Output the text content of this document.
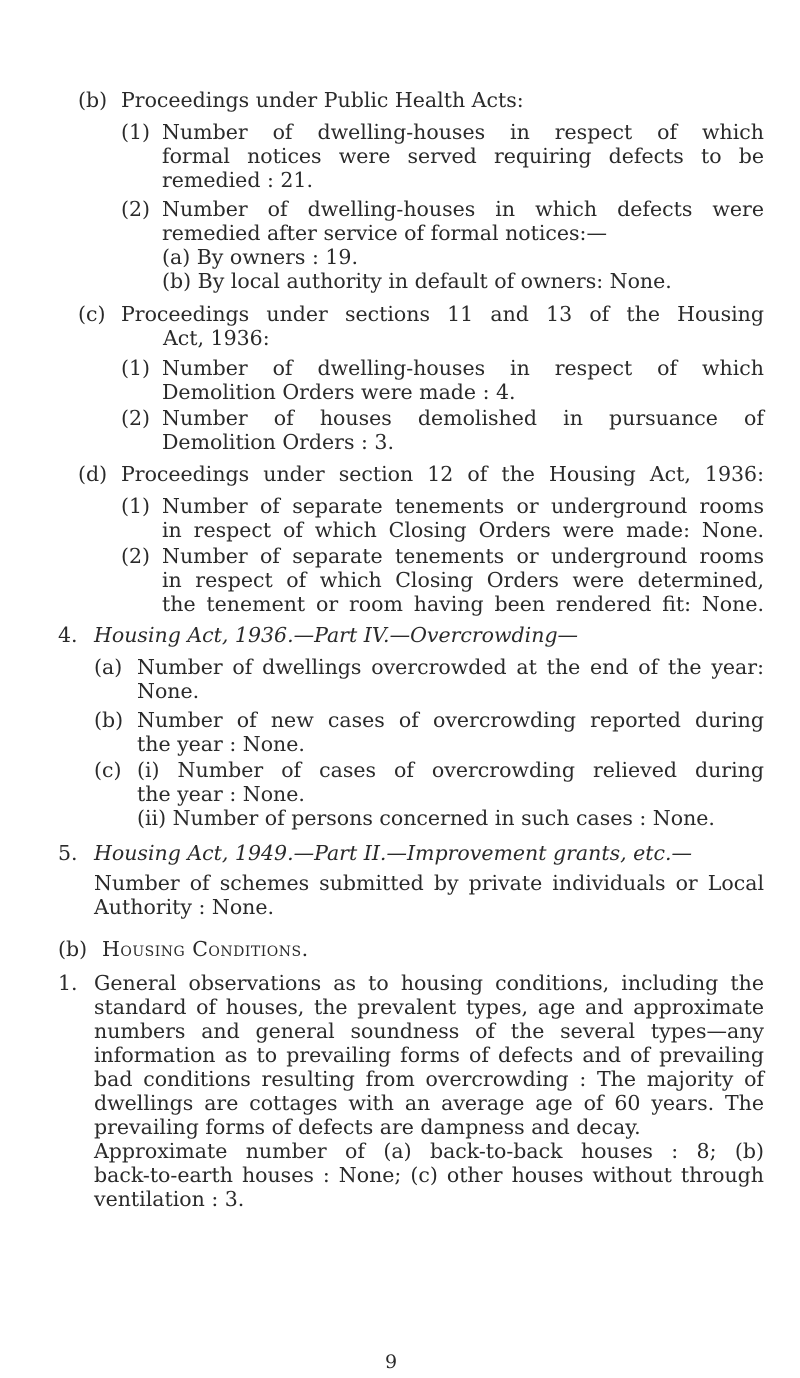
(b) Proceedings under Public Health Acts:
(1) Number of dwelling-houses in respect of which
formal notices were served requiring defects to be
remedied : 21.
(2) Number of dwelling-houses in which defects were
remedied after service of formal notices:—
(a) By owners : 19.
(b) By local authority in default of owners: None.
(c) Proceedings under sections 11 and 13 of the Housing
Act, 1936:
(1) Number of dwelling-houses in respect of which
Demolition Orders were made : 4.
(2) Number of houses demolished in pursuance of
Demolition Orders : 3.
(d) Proceedings under section 12 of the Housing Act, 1936:
(1) Number of separate tenements or underground rooms
in respect of which Closing Orders were made: None.
(2) Number of separate tenements or underground rooms
in respect of which Closing Orders were determined,
the tenement or room having been rendered fit: None.
4. Housing Act, 1936.—Part IV.—Overcrowding—
(a) Number of dwellings overcrowded at the end of the year:
None.
(b) Number of new cases of overcrowding reported during
the year : None.
(c) (i) Number of cases of overcrowding relieved during
the year : None.
(ii) Number of persons concerned in such cases : None.
5. Housing Act, 1949.—Part II.—Improvement grants, etc.—
Number of schemes submitted by private individuals or Local
Authority : None.
(b) Housing Conditions.
1. General observations as to housing conditions, including the
standard of houses, the prevalent types, age and approximate
numbers and general soundness of the several types—any
information as to prevailing forms of defects and of prevailing
bad conditions resulting from overcrowding : The majority of
dwellings are cottages with an average age of 60 years. The
prevailing forms of defects are dampness and decay.
Approximate number of (a) back-to-back houses : 8; (b)
back-to-earth houses : None; (c) other houses without through
ventilation : 3.
9
